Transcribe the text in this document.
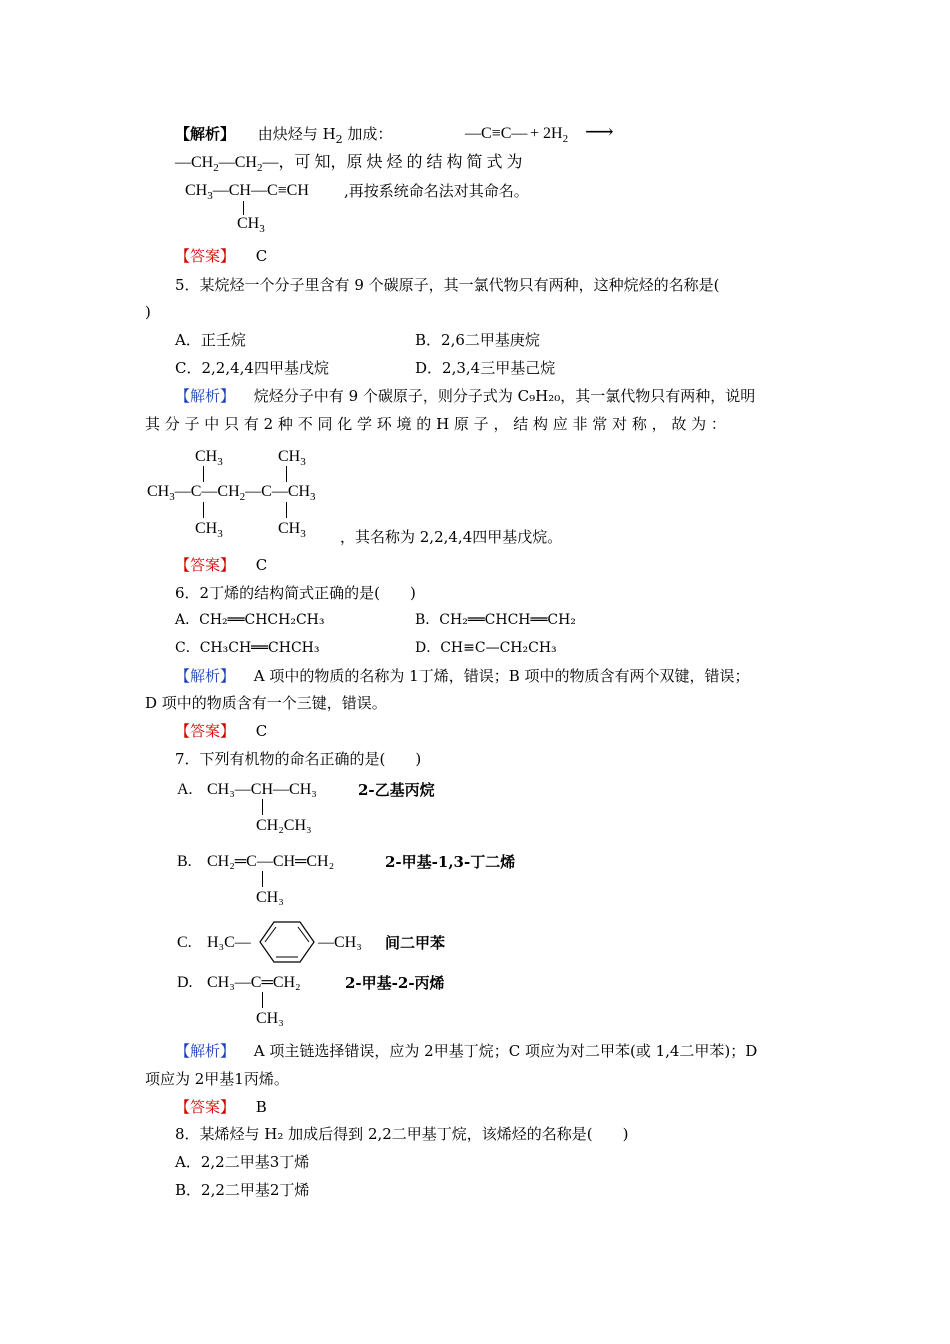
【解析】 由炔烃与 $H_2$ 加成：	—C≡C— + $2H_2$ ⟶
$—CH_2—CH_2—$，可 知，原 炔 烃 的 结 构 简 式 为
$CH_3—CH—C\equiv CH$ ,再按系统命名法对其命名。
$CH_3$
【答案】 C
5．某烷烃一个分子里含有 9 个碳原子，其一氯代物只有两种，这种烷烃的名称是(
)
A．正壬烷	B．2,6二甲基庚烷
C．2,2,4,4四甲基戊烷	D．2,3,4三甲基己烷
【解析】 烷烃分子中有 9 个碳原子，则分子式为 C₉H₂₀，其一氯代物只有两种，说明
其 分 子 中 只 有 2 种 不 同 化 学 环 境 的 H 原 子 ， 结 构 应 非 常 对 称 ， 故 为 ：
$CH_3$	$CH_3$
$CH_3—C—CH_2—C—CH_3$
$CH_3$	$CH_3$ ，其名称为 2,2,4,4四甲基戊烷。
【答案】 C
6．2丁烯的结构简式正确的是(　　)
A．CH₂══CHCH₂CH₃	B．CH₂══CHCH══CH₂
C．CH₃CH══CHCH₃	D．CH≡C—CH₂CH₃
【解析】 A 项中的物质的名称为 1丁烯，错误；B 项中的物质含有两个双键，错误；
D 项中的物质含有一个三键，错误。
【答案】 C
7．下列有机物的命名正确的是(　　)
A. CH₃—CH—CH₃	2-乙基丙烷
CH₂CH₃
B. CH₂═C—CH═CH₂	2-甲基-1,3-丁二烯
CH₃
C. H₃C—	—CH₃ 间二甲苯
D. CH₃—C═CH₂	2-甲基-2-丙烯
CH₃
【解析】 A 项主链选择错误，应为 2甲基丁烷；C 项应为对二甲苯(或 1,4二甲苯)；D
项应为 2甲基1丙烯。
【答案】 B
8．某烯烃与 H₂ 加成后得到 2,2二甲基丁烷，该烯烃的名称是(　　)
A．2,2二甲基3丁烯
B．2,2二甲基2丁烯
